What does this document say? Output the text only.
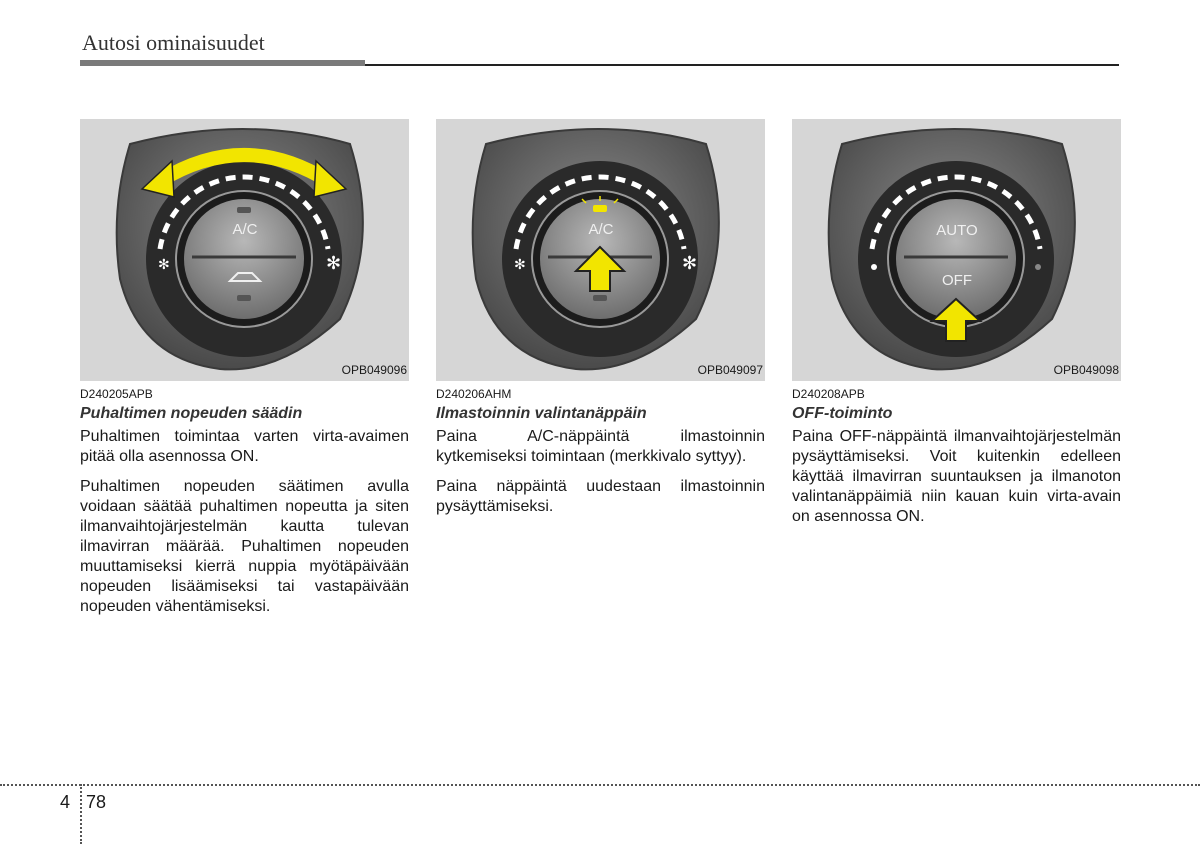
Autosi ominaisuudet
A/C
✻	✻
OPB049096
D240205APB
Puhaltimen nopeuden säädin
Puhaltimen toimintaa varten virta-avaimen pitää olla asennossa ON.
Puhaltimen nopeuden säätimen avulla voidaan säätää puhaltimen nopeutta ja siten ilmanvaihtojärjestelmän kautta tulevan ilmavirran määrää. Puhaltimen nopeuden muuttamiseksi kierrä nuppia myötäpäivään nopeuden lisäämiseksi tai vastapäivään nopeuden vähentämiseksi.
A/C
✻	✻
OPB049097
D240206AHM
Ilmastoinnin valintanäppäin
Paina A/C-näppäintä ilmastoinnin kytkemiseksi toimintaan (merkkivalo syttyy).
Paina näppäintä uudestaan ilmastoinnin pysäyttämiseksi.
AUTO
OFF
OPB049098
D240208APB
OFF-toiminto
Paina OFF-näppäintä ilmanvaihtojärjestelmän pysäyttämiseksi. Voit kuitenkin edelleen käyttää ilmavirran suuntauksen ja ilmanoton valintanäppäimiä niin kauan kuin virta-avain on asennossa ON.
4 78
